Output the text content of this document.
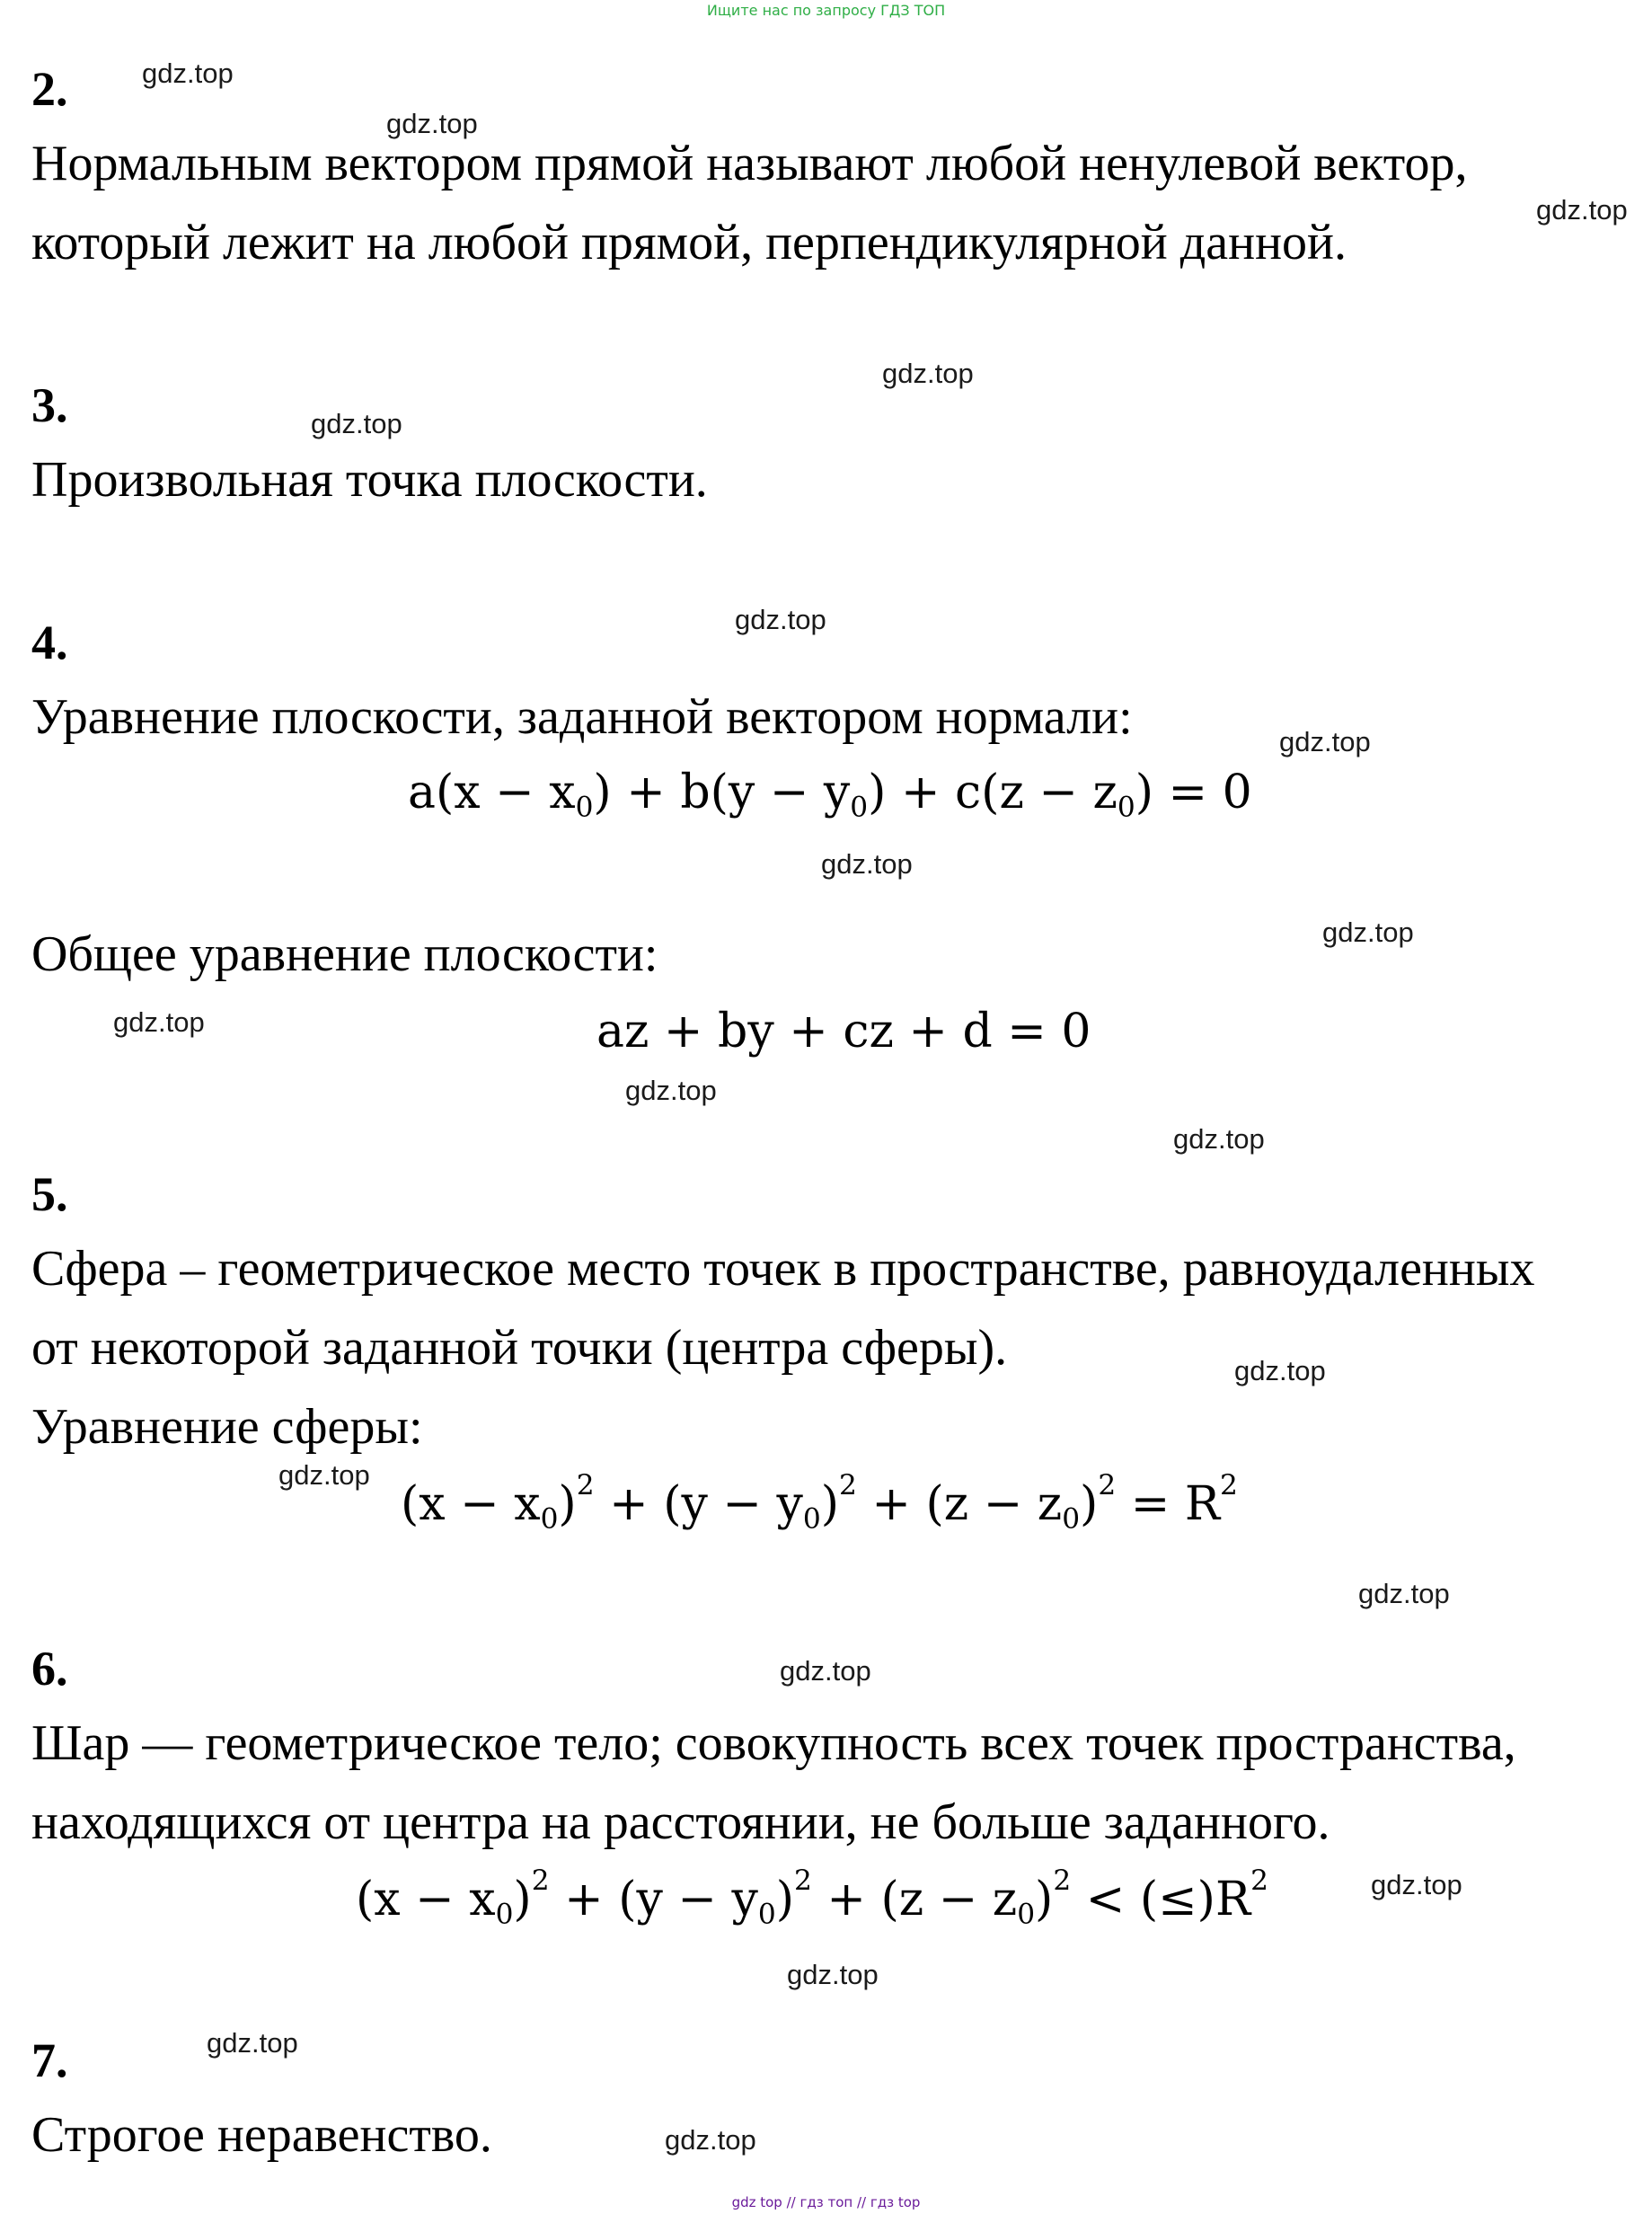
Ищите нас по запросу ГДЗ ТОП
2.
Нормальным вектором прямой называют любой ненулевой вектор,
который лежит на любой прямой, перпендикулярной данной.
3.
Произвольная точка плоскости.
4.
Уравнение плоскости, заданной вектором нормали:
$a(x - x_0) + b(y - y_0) + c(z - z_0) = 0$
Общее уравнение плоскости:
az + by + cz + d = 0
5.
Сфера – геометрическое место точек в пространстве, равноудаленных
от некоторой заданной точки (центра сферы).
Уравнение сферы:
$(x - x_0)^2 + (y - y_0)^2 + (z - z_0)^2 = R^2$
6.
Шар — геометрическое тело; совокупность всех точек пространства,
находящихся от центра на расстоянии, не больше заданного.
$(x - x_0)^2 + (y - y_0)^2 + (z - z_0)^2 < (\le)R^2$
7.
Строгое неравенство.
gdz.top
gdz.top
gdz.top
gdz.top
gdz.top
gdz.top
gdz.top
gdz.top
gdz.top
gdz.top
gdz.top
gdz.top
gdz.top
gdz.top
gdz.top
gdz.top
gdz.top
gdz.top
gdz.top
gdz.top
gdz top // гдз топ // гдз top
